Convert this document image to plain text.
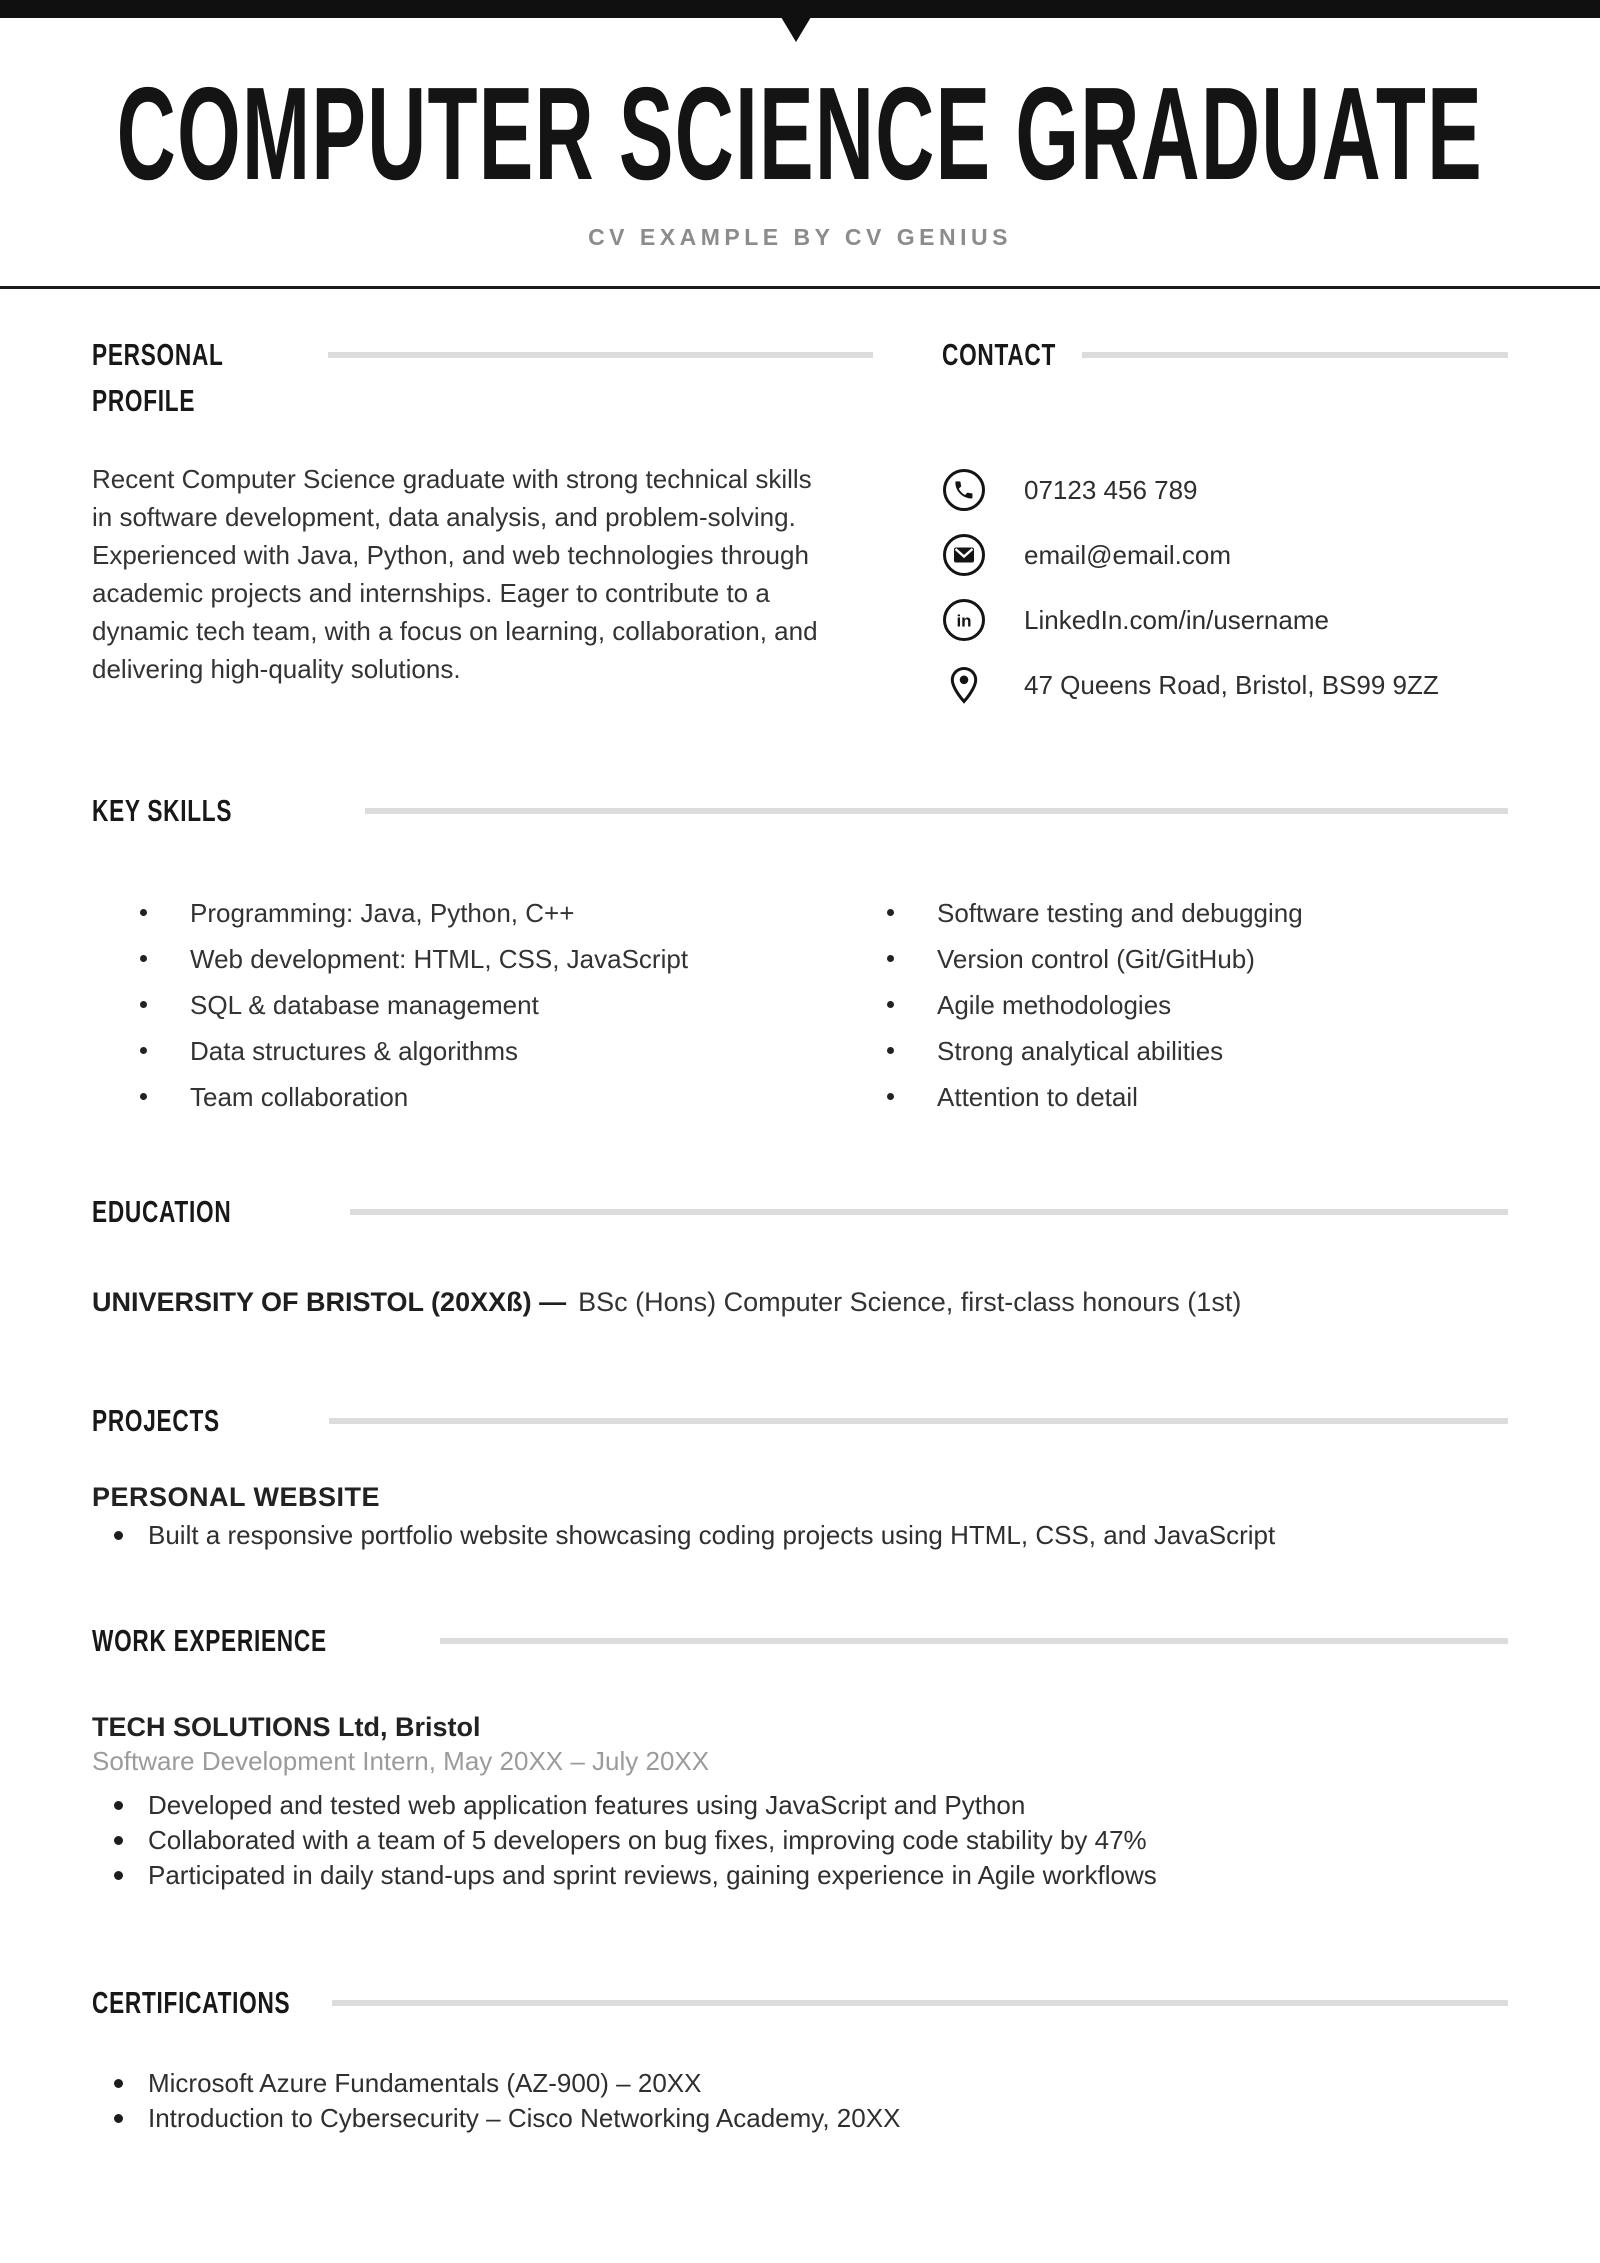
COMPUTER SCIENCE GRADUATE
CV EXAMPLE BY CV GENIUS
PERSONAL PROFILE

Recent Computer Science graduate with strong technical skills in software development, data analysis, and problem-solving. Experienced with Java, Python, and web technologies through academic projects and internships. Eager to contribute to a dynamic tech team, with a focus on learning, collaboration, and delivering high-quality solutions.

CONTACT
07123 456 789
email@email.com
in LinkedIn.com/in/username
47 Queens Road, Bristol, BS99 9ZZ
KEY SKILLS
Programming: Java, Python, C++
Web development: HTML, CSS, JavaScript
SQL & database management
Data structures & algorithms
Team collaboration
Software testing and debugging
Version control (Git/GitHub)
Agile methodologies
Strong analytical abilities
Attention to detail
EDUCATION

UNIVERSITY OF BRISTOL (20XXß) — BSc (Hons) Computer Science, first-class honours (1st)

PROJECTS
PERSONAL WEBSITE
Built a responsive portfolio website showcasing coding projects using HTML, CSS, and JavaScript
WORK EXPERIENCE
TECH SOLUTIONS Ltd, Bristol
Software Development Intern, May 20XX – July 20XX
Developed and tested web application features using JavaScript and Python
Collaborated with a team of 5 developers on bug fixes, improving code stability by 47%
Participated in daily stand-ups and sprint reviews, gaining experience in Agile workflows
CERTIFICATIONS
Microsoft Azure Fundamentals (AZ-900) – 20XX
Introduction to Cybersecurity – Cisco Networking Academy, 20XX
